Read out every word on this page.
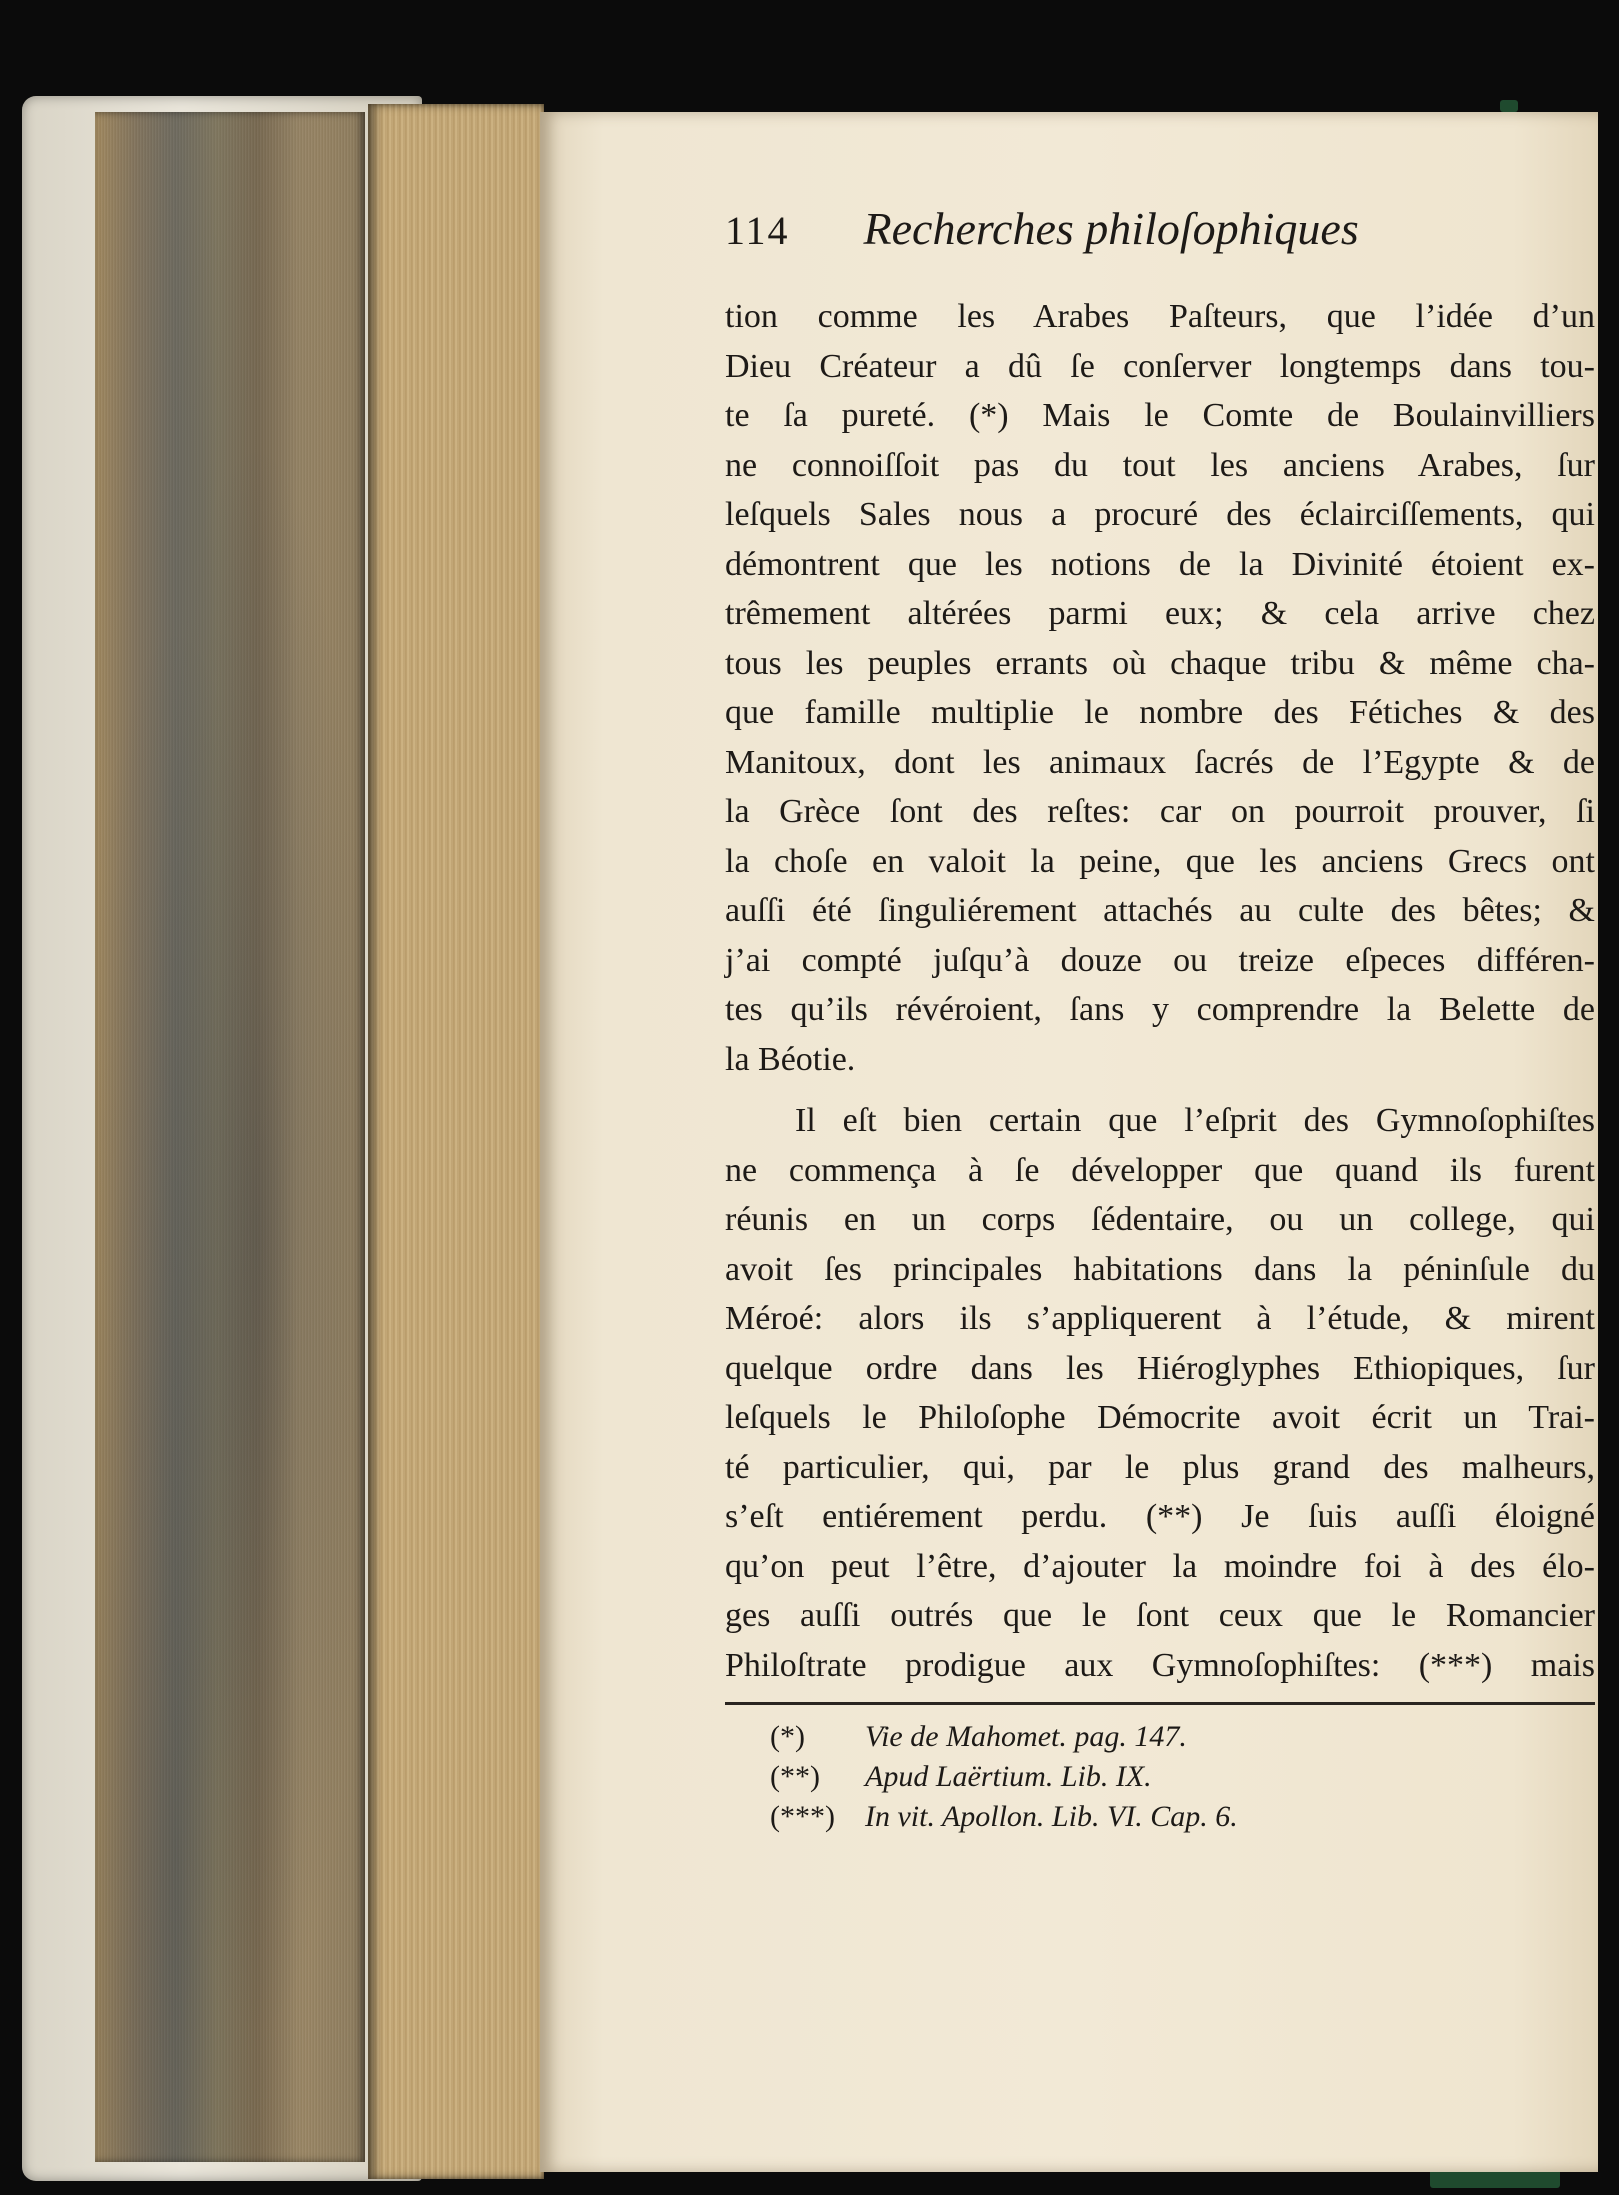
114 Recherches philoſophiques
tion comme les Arabes Paſteurs, que l’idée d’un
Dieu Créateur a dû ſe conſerver longtemps dans tou-
te ſa pureté. (*) Mais le Comte de Boulainvilliers
ne connoiſſoit pas du tout les anciens Arabes, ſur
leſquels Sales nous a procuré des éclairciſſements, qui
démontrent que les notions de la Divinité étoient ex-
trêmement altérées parmi eux; & cela arrive chez
tous les peuples errants où chaque tribu & même cha-
que famille multiplie le nombre des Fétiches & des
Manitoux, dont les animaux ſacrés de l’Egypte & de
la Grèce ſont des reſtes: car on pourroit prouver, ſi
la choſe en valoit la peine, que les anciens Grecs ont
auſſi été ſinguliérement attachés au culte des bêtes; &
j’ai compté juſqu’à douze ou treize eſpeces différen-
tes qu’ils révéroient, ſans y comprendre la Belette de
la Béotie.
Il eſt bien certain que l’eſprit des Gymnoſophiſtes
ne commença à ſe développer que quand ils furent
réunis en un corps ſédentaire, ou un college, qui
avoit ſes principales habitations dans la péninſule du
Méroé: alors ils s’appliquerent à l’étude, & mirent
quelque ordre dans les Hiéroglyphes Ethiopiques, ſur
leſquels le Philoſophe Démocrite avoit écrit un Trai-
té particulier, qui, par le plus grand des malheurs,
s’eſt entiérement perdu. (**) Je ſuis auſſi éloigné
qu’on peut l’être, d’ajouter la moindre foi à des élo-
ges auſſi outrés que le ſont ceux que le Romancier
Philoſtrate prodigue aux Gymnoſophiſtes: (***) mais
(*) Vie de Mahomet. pag. 147.
(**) Apud Laërtium. Lib. IX.
(***) In vit. Apollon. Lib. VI. Cap. 6.
